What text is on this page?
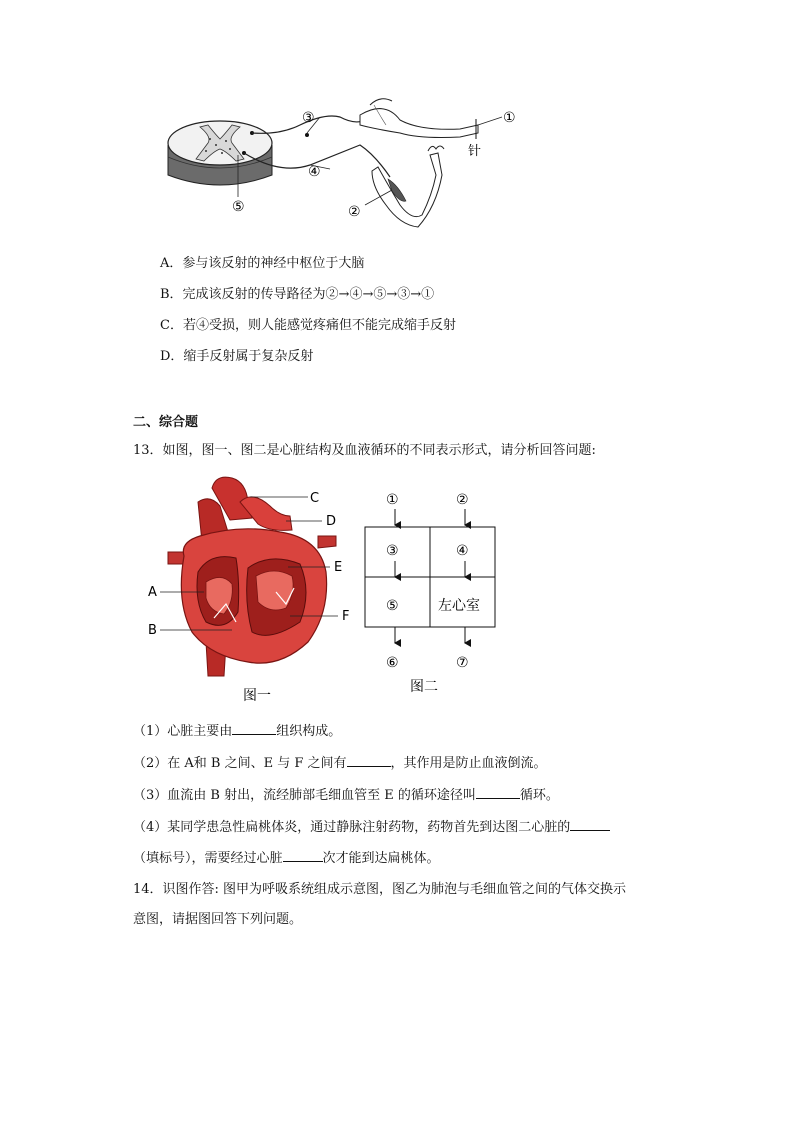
③
④
⑤	②
①
针
A．参与该反射的神经中枢位于大脑
B．完成该反射的传导路径为②→④→⑤→③→①
C．若④受损，则人能感觉疼痛但不能完成缩手反射
D．缩手反射属于复杂反射
二、综合题
13．如图，图一、图二是心脏结构及血液循环的不同表示形式，请分析回答问题:
C
D
E
F
A
B
图一
①	②
③	④
⑤	左心室
⑥	⑦
图二
（1）心脏主要由	组织构成。
（2）在 A和 B 之间、E 与 F 之间有	，其作用是防止血液倒流。
（3）血流由 B 射出，流经肺部毛细血管至 E 的循环途径叫	循环。
（4）某同学患急性扁桃体炎，通过静脉注射药物，药物首先到达图二心脏的
（填标号），需要经过心脏	次才能到达扁桃体。
14．识图作答: 图甲为呼吸系统组成示意图，图乙为肺泡与毛细血管之间的气体交换示
意图，请据图回答下列问题。
